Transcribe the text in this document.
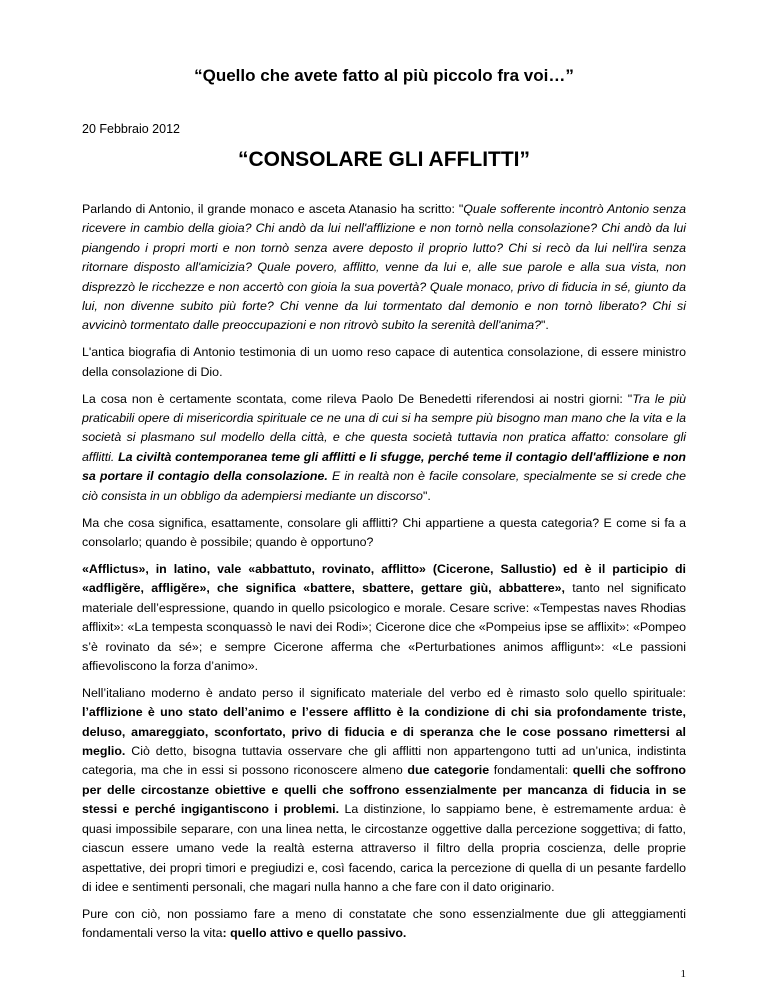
“Quello che avete fatto al più piccolo fra voi…”
20 Febbraio 2012
“CONSOLARE GLI AFFLITTI”

Parlando di Antonio, il grande monaco e asceta Atanasio ha scritto: "Quale sofferente incontrò Antonio senza ricevere in cambio della gioia? Chi andò da lui nell'afflizione e non tornò nella consolazione? Chi andò da lui piangendo i propri morti e non tornò senza avere deposto il proprio lutto? Chi si recò da lui nell'ira senza ritornare disposto all'amicizia? Quale povero, afflitto, venne da lui e, alle sue parole e alla sua vista, non disprezzò le ricchezze e non accertò con gioia la sua povertà? Quale monaco, privo di fiducia in sé, giunto da lui, non divenne subito più forte? Chi venne da lui tormentato dal demonio e non tornò liberato? Chi si avvicinò tormentato dalle preoccupazioni e non ritrovò subito la serenità dell'anima?".

L'antica biografia di Antonio testimonia di un uomo reso capace di autentica consolazione, di essere ministro della consolazione di Dio.

La cosa non è certamente scontata, come rileva Paolo De Benedetti riferendosi ai nostri giorni: "Tra le più praticabili opere di misericordia spirituale ce ne una di cui si ha sempre più bisogno man mano che la vita e la società si plasmano sul modello della città, e che questa società tuttavia non pratica affatto: consolare gli afflitti. La civiltà contemporanea teme gli afflitti e li sfugge, perché teme il contagio dell'afflizione e non sa portare il contagio della consolazione. E in realtà non è facile consolare, specialmente se si crede che ciò consista in un obbligo da adempiersi mediante un discorso".

Ma che cosa significa, esattamente, consolare gli afflitti? Chi appartiene a questa categoria? E come si fa a consolarlo; quando è possibile; quando è opportuno?

«Afflictus», in latino, vale «abbattuto, rovinato, afflitto» (Cicerone, Sallustio) ed è il participio di «adfligĕre, affligĕre», che significa «battere, sbattere, gettare giù, abbattere», tanto nel significato materiale dell’espressione, quando in quello psicologico e morale. Cesare scrive: «Tempestas naves Rhodias afflixit»: «La tempesta sconquassò le navi dei Rodi»; Cicerone dice che «Pompeius ipse se afflixit»: «Pompeo s’è rovinato da sé»; e sempre Cicerone afferma che «Perturbationes animos affligunt»: «Le passioni affievoliscono la forza d’animo».

Nell’italiano moderno è andato perso il significato materiale del verbo ed è rimasto solo quello spirituale: l’afflizione è uno stato dell’animo e l’essere afflitto è la condizione di chi sia profondamente triste, deluso, amareggiato, sconfortato, privo di fiducia e di speranza che le cose possano rimettersi al meglio. Ciò detto, bisogna tuttavia osservare che gli afflitti non appartengono tutti ad un’unica, indistinta categoria, ma che in essi si possono riconoscere almeno due categorie fondamentali: quelli che soffrono per delle circostanze obiettive e quelli che soffrono essenzialmente per mancanza di fiducia in se stessi e perché ingigantiscono i problemi. La distinzione, lo sappiamo bene, è estremamente ardua: è quasi impossibile separare, con una linea netta, le circostanze oggettive dalla percezione soggettiva; di fatto, ciascun essere umano vede la realtà esterna attraverso il filtro della propria coscienza, delle proprie aspettative, dei propri timori e pregiudizi e, così facendo, carica la percezione di quella di un pesante fardello di idee e sentimenti personali, che magari nulla hanno a che fare con il dato originario.

Pure con ciò, non possiamo fare a meno di constatate che sono essenzialmente due gli atteggiamenti fondamentali verso la vita: quello attivo e quello passivo.

1
